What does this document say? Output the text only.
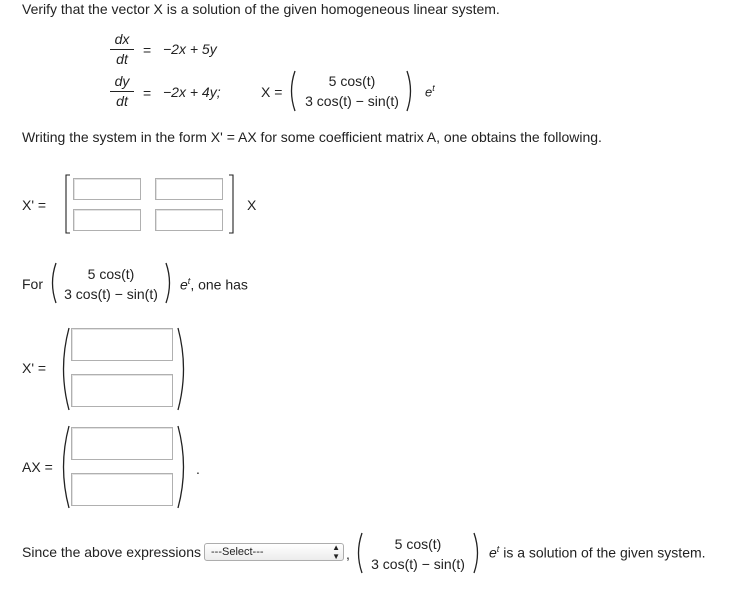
Verify that the vector X is a solution of the given homogeneous linear system.
dx
dt
= −2x + 5y
dy
dt	= −2x + 4y;	X =
5 cos(t)
3 cos(t) − sin(t)
$e^t$
Writing the system in the form X' = AX for some coefficient matrix A, one obtains the following.
X' =	X
For
5 cos(t)
3 cos(t) − sin(t)
$e^t$, one has
X' =
AX =	.
Since the above expressions ---Select---	▲
▼ ,
5 cos(t)
3 cos(t) − sin(t)
$e^t$ is a solution of the given system.
